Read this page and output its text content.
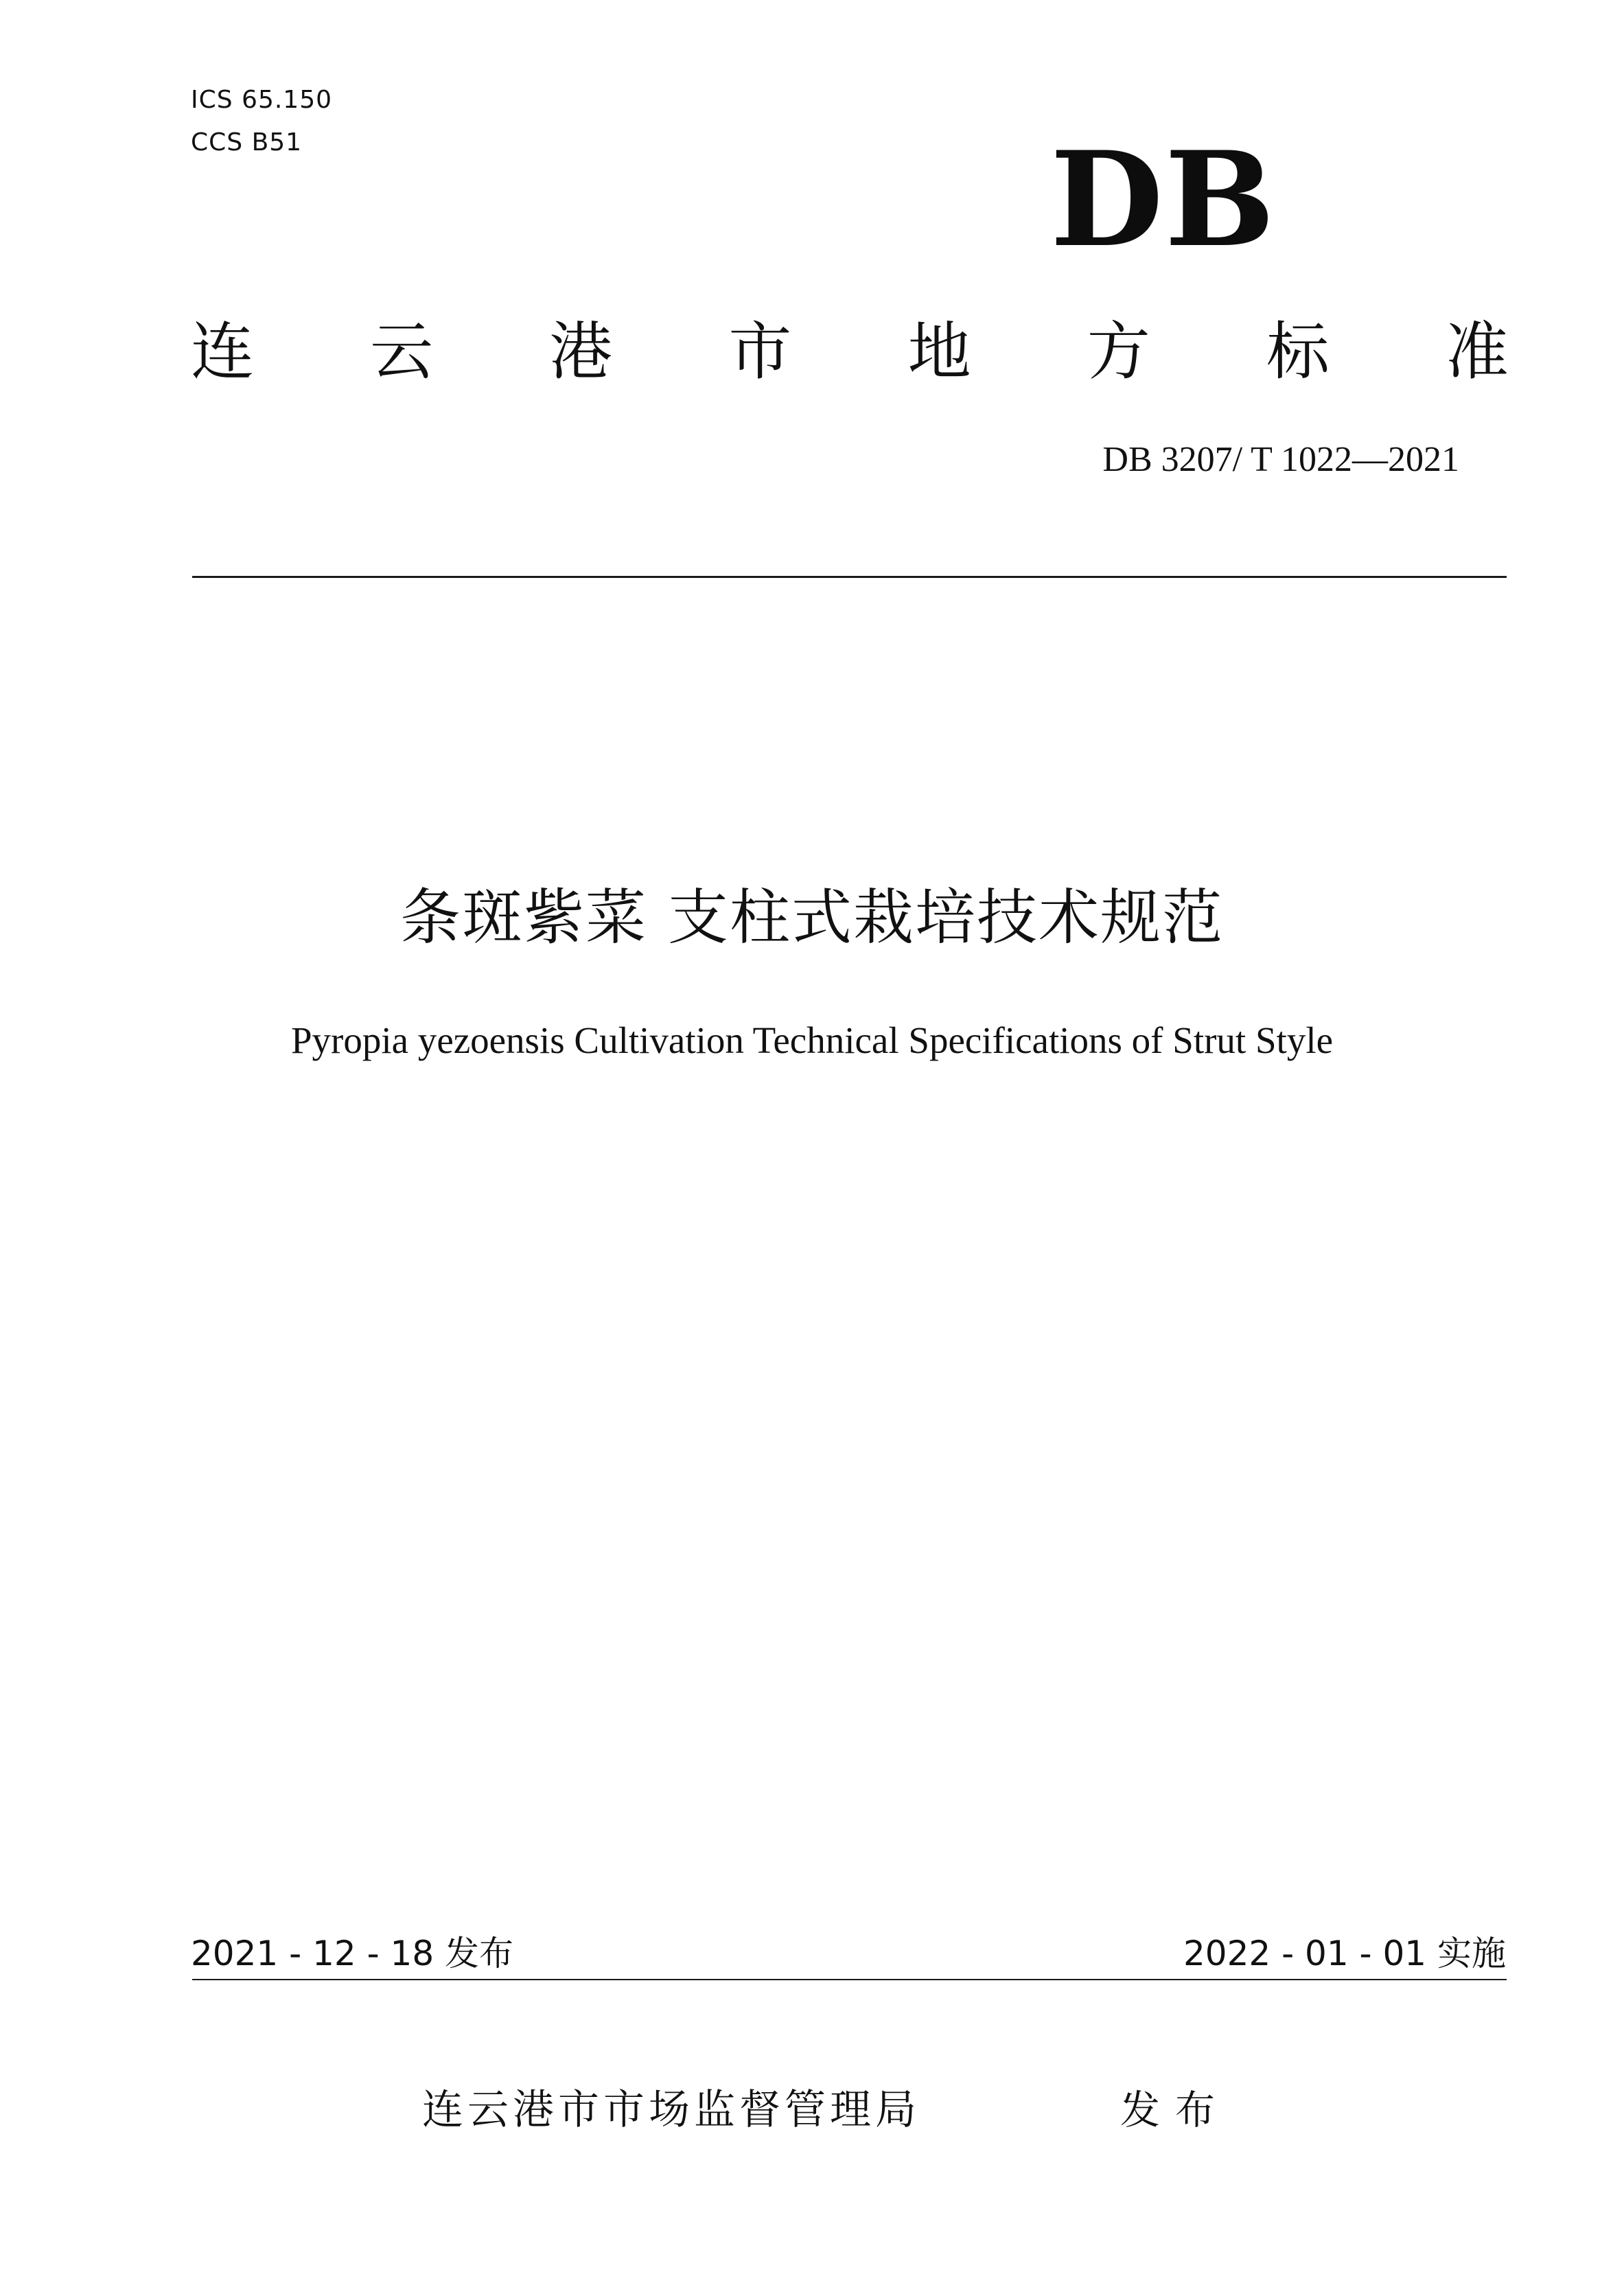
ICS 65.150
CCS B51	DB
连 云 港 市 地 方 标 准
DB 3207/ T 1022—2021
条斑紫菜 支柱式栽培技术规范
Pyropia yezoensis Cultivation Technical Specifications of Strut Style
2021 - 12 - 18 发布	2022 - 01 - 01 实施
连云港市市场监督管理局	发布
